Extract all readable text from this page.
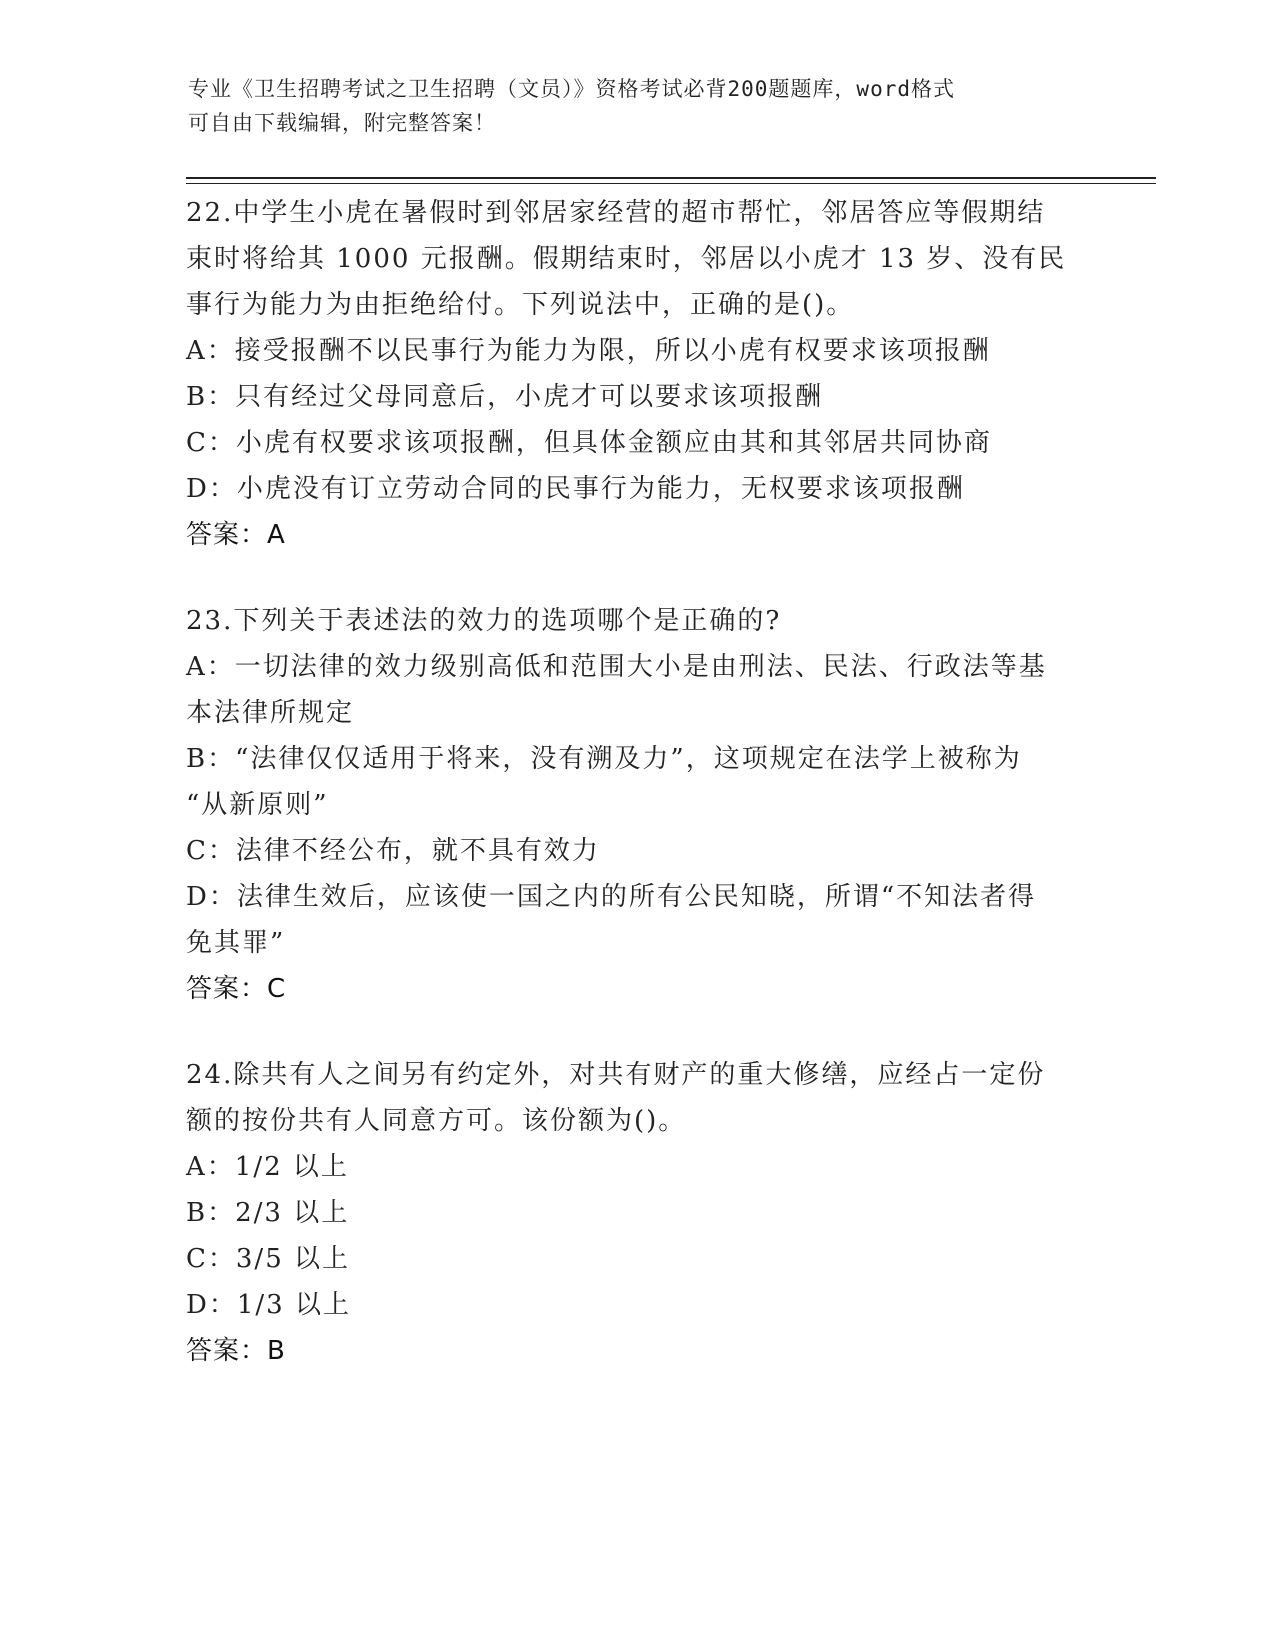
专业《卫生招聘考试之卫生招聘（文员）》资格考试必背200题题库，word格式
可自由下载编辑，附完整答案！
22.中学生小虎在暑假时到邻居家经营的超市帮忙，邻居答应等假期结
束时将给其 1000 元报酬。假期结束时，邻居以小虎才 13 岁、没有民
事行为能力为由拒绝给付。下列说法中，正确的是()。
A：接受报酬不以民事行为能力为限，所以小虎有权要求该项报酬
B：只有经过父母同意后，小虎才可以要求该项报酬
C：小虎有权要求该项报酬，但具体金额应由其和其邻居共同协商
D：小虎没有订立劳动合同的民事行为能力，无权要求该项报酬
答案：A
23.下列关于表述法的效力的选项哪个是正确的?
A：一切法律的效力级别高低和范围大小是由刑法、民法、行政法等基
本法律所规定
B：“法律仅仅适用于将来，没有溯及力”，这项规定在法学上被称为
“从新原则”
C：法律不经公布，就不具有效力
D：法律生效后，应该使一国之内的所有公民知晓，所谓“不知法者得
免其罪”
答案：C
24.除共有人之间另有约定外，对共有财产的重大修缮，应经占一定份
额的按份共有人同意方可。该份额为()。
A：1/2 以上
B：2/3 以上
C：3/5 以上
D：1/3 以上
答案：B
